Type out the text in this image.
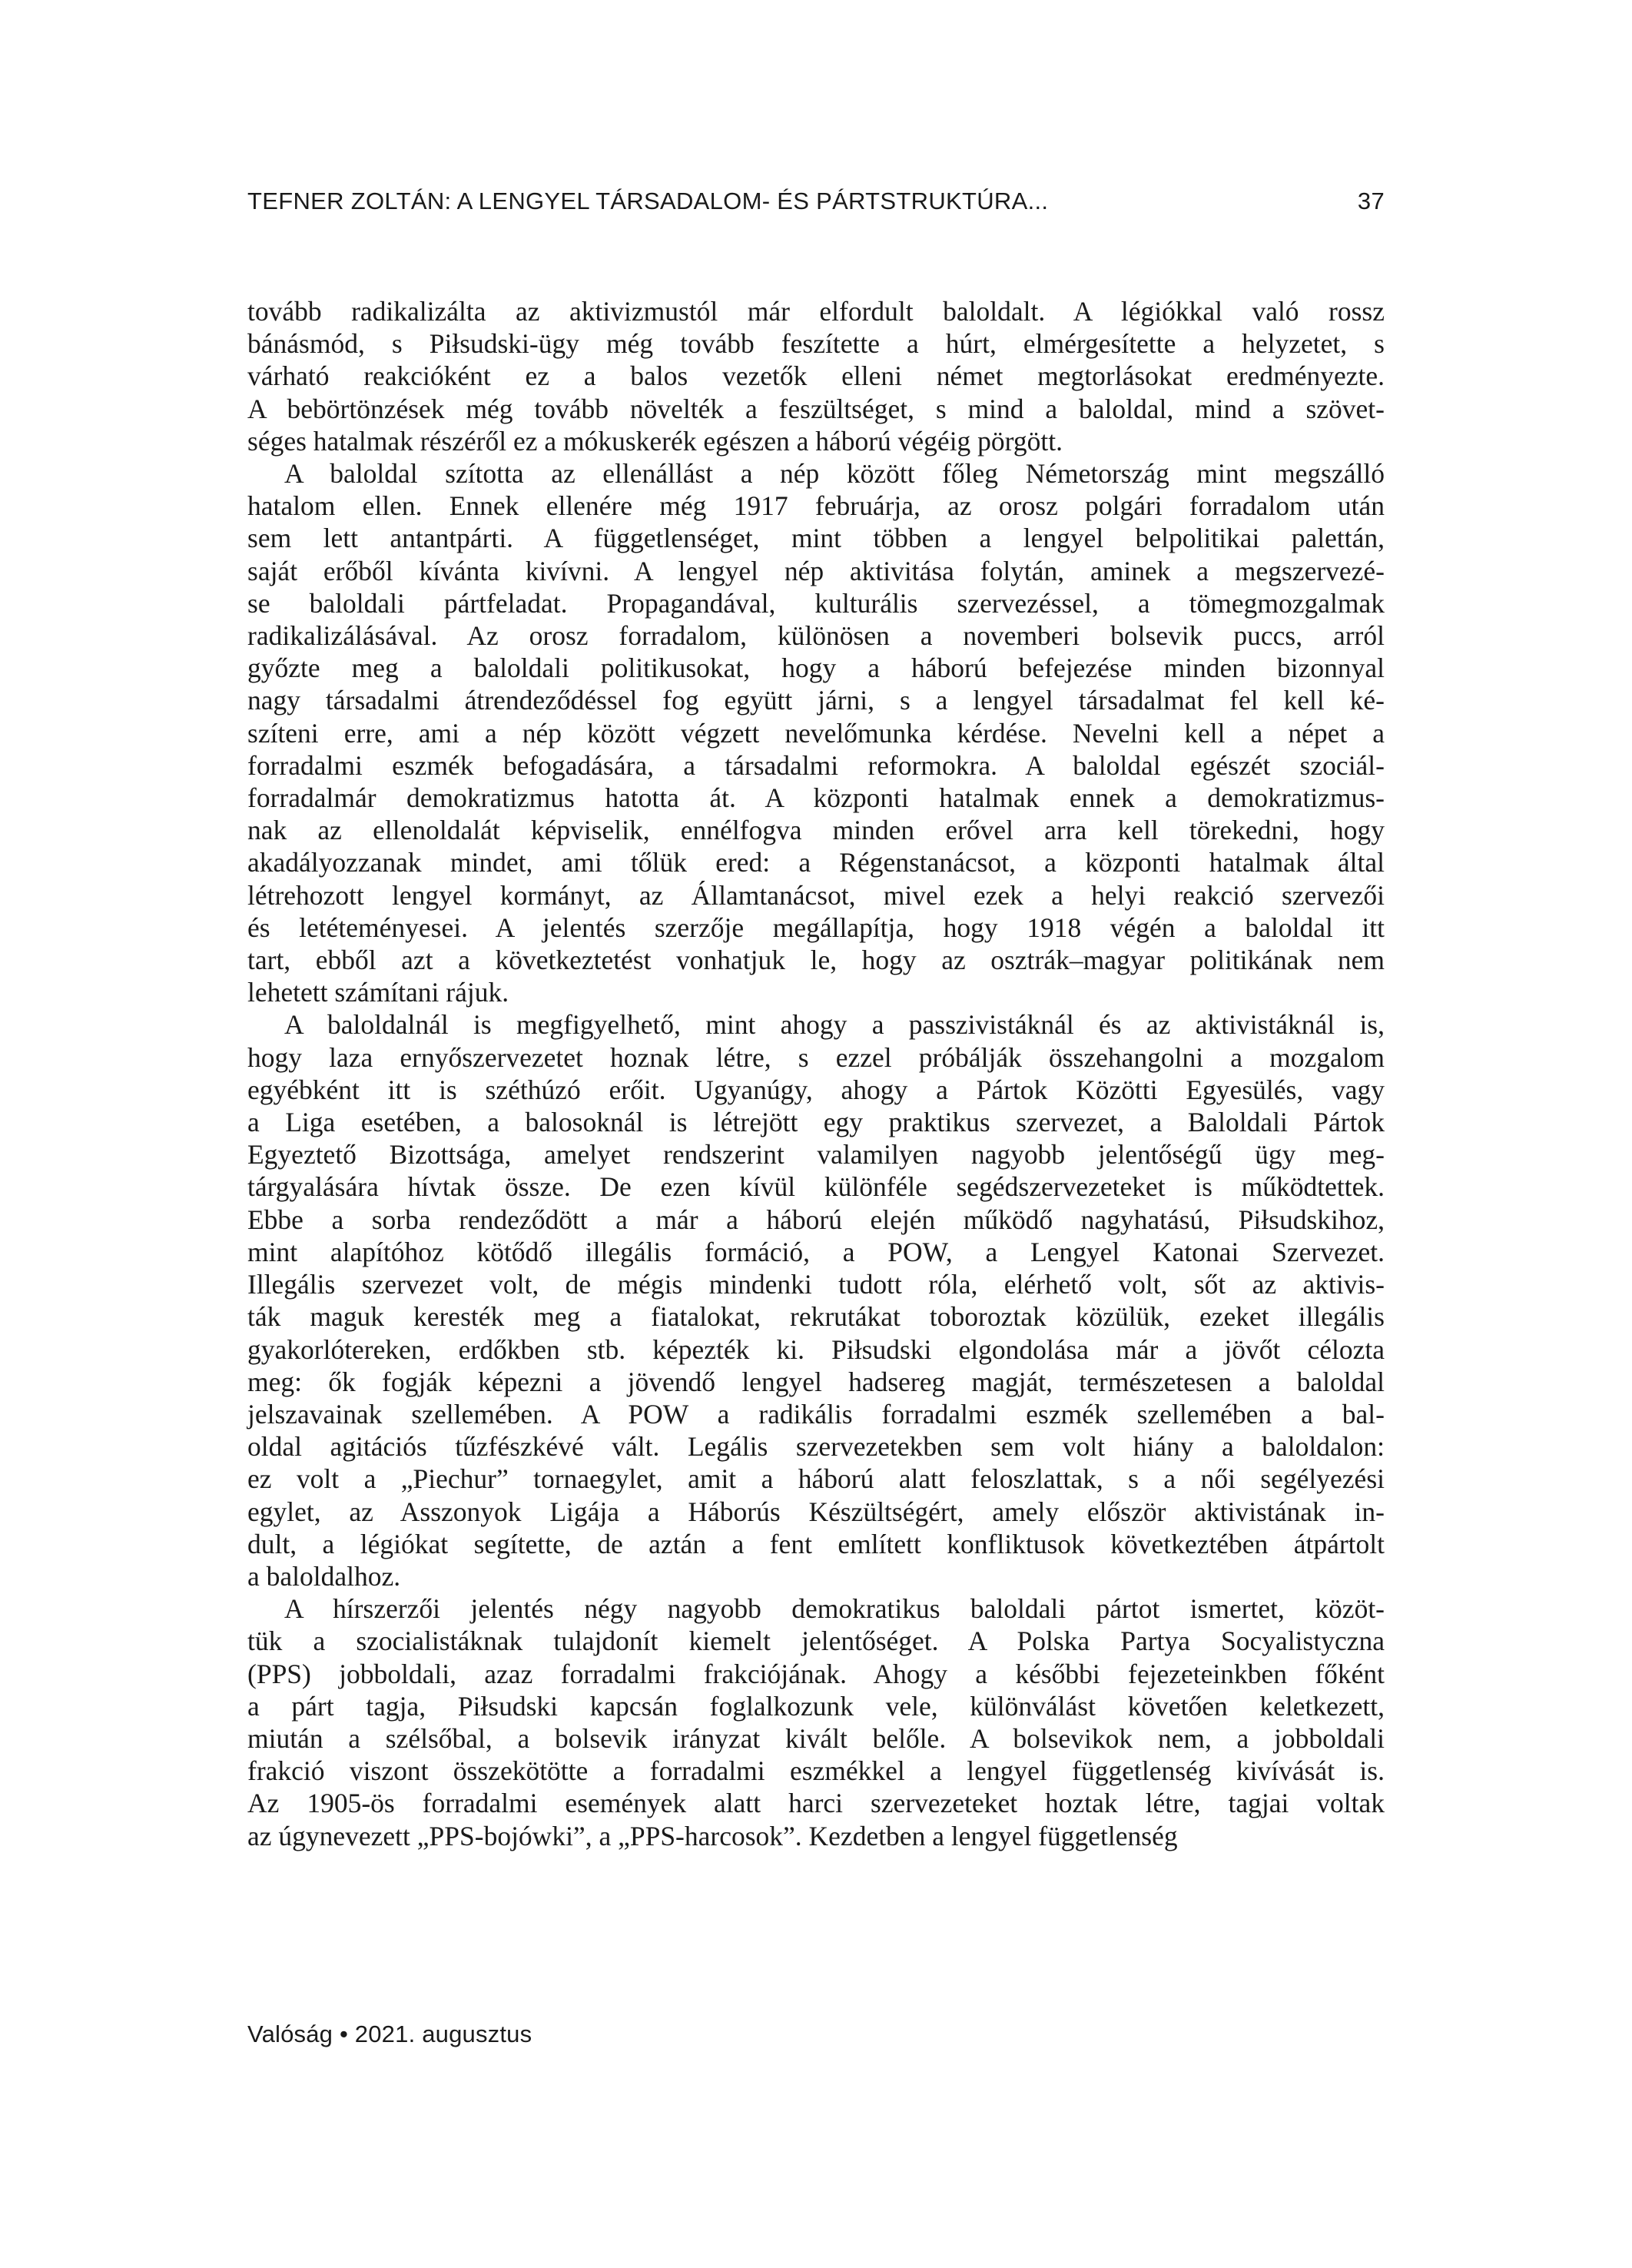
TEFNER ZOLTÁN: A LENGYEL TÁRSADALOM- ÉS PÁRTSTRUKTÚRA...	37

tovább radikalizálta az aktivizmustól már elfordult baloldalt. A légiókkal való rossz
bánásmód, s Piłsudski-ügy még tovább feszítette a húrt, elmérgesítette a helyzetet, s
várható reakcióként ez a balos vezetők elleni német megtorlásokat eredményezte.
A bebörtönzések még tovább növelték a feszültséget, s mind a baloldal, mind a szövet-
séges hatalmak részéről ez a mókuskerék egészen a háború végéig pörgött.

A baloldal szította az ellenállást a nép között főleg Németország mint megszálló
hatalom ellen. Ennek ellenére még 1917 februárja, az orosz polgári forradalom után
sem lett antantpárti. A függetlenséget, mint többen a lengyel belpolitikai palettán,
saját erőből kívánta kivívni. A lengyel nép aktivitása folytán, aminek a megszervezé-
se baloldali pártfeladat. Propagandával, kulturális szervezéssel, a tömegmozgalmak
radikalizálásával. Az orosz forradalom, különösen a novemberi bolsevik puccs, arról
győzte meg a baloldali politikusokat, hogy a háború befejezése minden bizonnyal
nagy társadalmi átrendeződéssel fog együtt járni, s a lengyel társadalmat fel kell ké-
szíteni erre, ami a nép között végzett nevelőmunka kérdése. Nevelni kell a népet a
forradalmi eszmék befogadására, a társadalmi reformokra. A baloldal egészét szociál-
forradalmár demokratizmus hatotta át. A központi hatalmak ennek a demokratizmus-
nak az ellenoldalát képviselik, ennélfogva minden erővel arra kell törekedni, hogy
akadályozzanak mindet, ami tőlük ered: a Régenstanácsot, a központi hatalmak által
létrehozott lengyel kormányt, az Államtanácsot, mivel ezek a helyi reakció szervezői
és letéteményesei. A jelentés szerzője megállapítja, hogy 1918 végén a baloldal itt
tart, ebből azt a következtetést vonhatjuk le, hogy az osztrák–magyar politikának nem
lehetett számítani rájuk.

A baloldalnál is megfigyelhető, mint ahogy a passzivistáknál és az aktivistáknál is,
hogy laza ernyőszervezetet hoznak létre, s ezzel próbálják összehangolni a mozgalom
egyébként itt is széthúzó erőit. Ugyanúgy, ahogy a Pártok Közötti Egyesülés, vagy
a Liga esetében, a balosoknál is létrejött egy praktikus szervezet, a Baloldali Pártok
Egyeztető Bizottsága, amelyet rendszerint valamilyen nagyobb jelentőségű ügy meg-
tárgyalására hívtak össze. De ezen kívül különféle segédszervezeteket is működtettek.
Ebbe a sorba rendeződött a már a háború elején működő nagyhatású, Piłsudskihoz,
mint alapítóhoz kötődő illegális formáció, a POW, a Lengyel Katonai Szervezet.
Illegális szervezet volt, de mégis mindenki tudott róla, elérhető volt, sőt az aktivis-
ták maguk keresték meg a fiatalokat, rekrutákat toboroztak közülük, ezeket illegális
gyakorlótereken, erdőkben stb. képezték ki. Piłsudski elgondolása már a jövőt célozta
meg: ők fogják képezni a jövendő lengyel hadsereg magját, természetesen a baloldal
jelszavainak szellemében. A POW a radikális forradalmi eszmék szellemében a bal-
oldal agitációs tűzfészkévé vált. Legális szervezetekben sem volt hiány a baloldalon:
ez volt a „Piechur” tornaegylet, amit a háború alatt feloszlattak, s a női segélyezési
egylet, az Asszonyok Ligája a Háborús Készültségért, amely először aktivistának in-
dult, a légiókat segítette, de aztán a fent említett konfliktusok következtében átpártolt
a baloldalhoz.

A hírszerzői jelentés négy nagyobb demokratikus baloldali pártot ismertet, közöt-
tük a szocialistáknak tulajdonít kiemelt jelentőséget. A Polska Partya Socyalistyczna
(PPS) jobboldali, azaz forradalmi frakciójának. Ahogy a későbbi fejezeteinkben főként
a párt tagja, Piłsudski kapcsán foglalkozunk vele, különválást követően keletkezett,
miután a szélsőbal, a bolsevik irányzat kivált belőle. A bolsevikok nem, a jobboldali
frakció viszont összekötötte a forradalmi eszmékkel a lengyel függetlenség kivívását is.
Az 1905-ös forradalmi események alatt harci szervezeteket hoztak létre, tagjai voltak
az úgynevezett „PPS-bojówki”, a „PPS-harcosok”. Kezdetben a lengyel függetlenség

Valóság • 2021. augusztus
